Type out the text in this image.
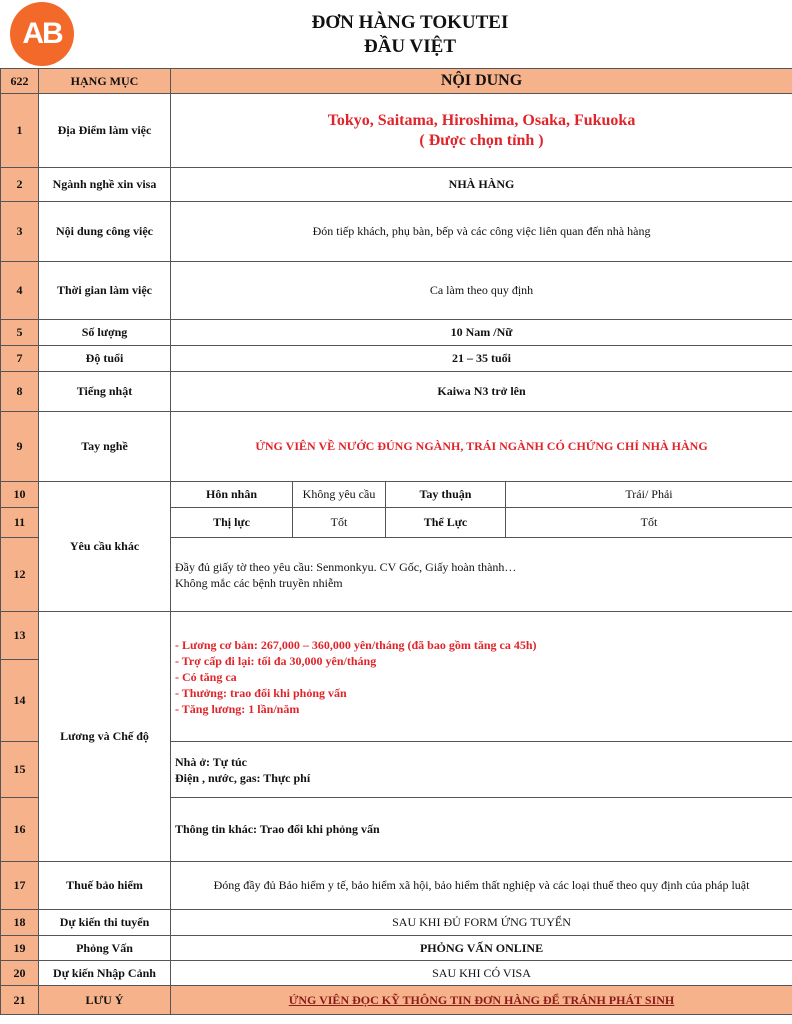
AB	ĐƠN HÀNG TOKUTEI
ĐẦU VIỆT
622	HẠNG MỤC	NỘI DUNG			
1	Địa Điểm làm việc	Tokyo, Saitama, Hiroshima, Osaka, Fukuoka
( Được chọn tỉnh )			

2	Ngành nghề xin visa	NHÀ HÀNG			
3	Nội dung công việc	Đón tiếp khách, phụ bàn, bếp và các công việc liên quan đến nhà hàng			
4	Thời gian làm việc	Ca làm theo quy định			
5	Số lượng	10 Nam /Nữ			
7	Độ tuổi	21 – 35 tuổi			
8	Tiếng nhật	Kaiwa N3 trở lên			
9	Tay nghề	ỨNG VIÊN VỀ NƯỚC ĐÚNG NGÀNH, TRÁI NGÀNH CÓ CHỨNG CHỈ NHÀ HÀNG			
10	Yêu cầu khác	Hôn nhân	Không yêu cầu	Tay thuận	Trái/ Phải
11		Thị lực	Tốt	Thể Lực	Tốt
12		Đầy đủ giấy tờ theo yêu cầu: Senmonkyu. CV Gốc, Giấy hoàn thành…
Không mắc các bệnh truyền nhiễm			

13	Lương và Chế độ	- Lương cơ bản: 267,000 – 360,000 yên/tháng (đã bao gồm tăng ca 45h)
- Trợ cấp đi lại: tối đa 30,000 yên/tháng
- Có tăng ca
- Thưởng: trao đổi khi phỏng vấn
- Tăng lương: 1 lần/năm			

14					
15		Nhà ở: Tự túc
Điện , nước, gas: Thực phí			

16		Thông tin khác: Trao đổi khi phỏng vấn			
17	Thuế bảo hiểm	Đóng đầy đủ Bảo hiểm y tế, bảo hiểm xã hội, bảo hiểm thất nghiệp và các loại thuế theo quy định của pháp luật			
18	Dự kiến thi tuyển	SAU KHI ĐỦ FORM ỨNG TUYỂN			
19	Phỏng Vấn	PHỎNG VẤN ONLINE			
20	Dự kiến Nhập Cảnh	SAU KHI CÓ VISA			
21	LƯU Ý	ỨNG VIÊN ĐỌC KỸ THÔNG TIN ĐƠN HÀNG ĐỂ TRÁNH PHÁT SINH			
